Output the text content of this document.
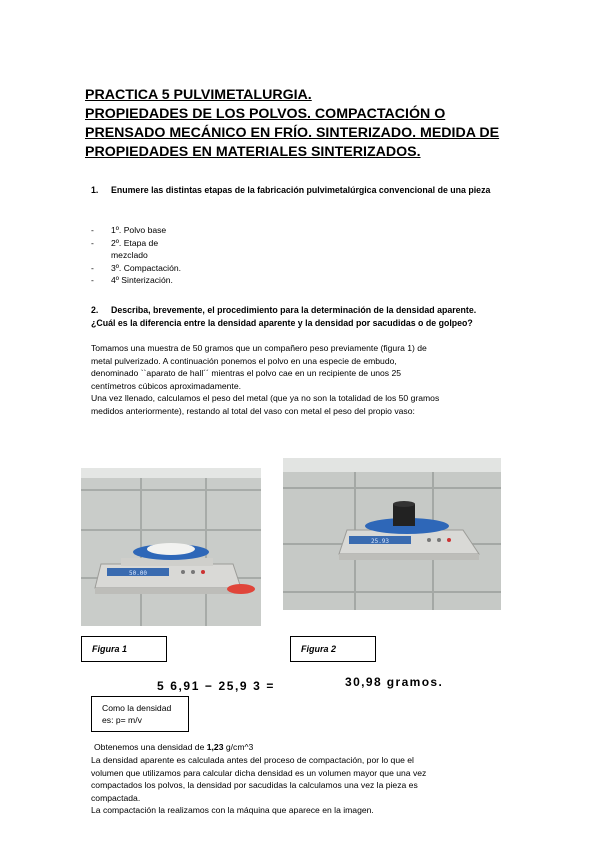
PRACTICA 5 PULVIMETALURGIA.
PROPIEDADES DE LOS POLVOS. COMPACTACIÓN O
PRENSADO MECÁNICO EN FRÍO. SINTERIZADO. MEDIDA DE
PROPIEDADES EN MATERIALES SINTERIZADOS.
1. Enumere las distintas etapas de la fabricación pulvimetalúrgica convencional de una pieza
- 1º. Polvo base
- 2º. Etapa de mezclado
- 3º. Compactación.
- 4º Sinterización.
2. Describa, brevemente, el procedimiento para la determinación de la densidad aparente.
¿Cuál es la diferencia entre la densidad aparente y la densidad por sacudidas o de golpeo?
Tomamos una muestra de 50 gramos que un compañero peso previamente (figura 1) de
metal pulverizado. A continuación ponemos el polvo en una especie de embudo,
denominado ``aparato de hall´´ mientras el polvo cae en un recipiente de unos 25
centímetros cúbicos aproximadamente.
Una vez llenado, calculamos el peso del metal (que ya no son la totalidad de los 50 gramos
medidos anteriormente), restando al total del vaso con metal el peso del propio vaso:
50.00
25.93
Figura 1	Figura 2
5 6,91 − 25,9 3 =	30,98 gramos.
Como la densidad
es: p= m/v
Obtenemos una densidad de 1,23 g/cm^3
La densidad aparente es calculada antes del proceso de compactación, por lo que el
volumen que utilizamos para calcular dicha densidad es un volumen mayor que una vez
compactados los polvos, la densidad por sacudidas la calculamos una vez la pieza es
compactada.
La compactación la realizamos con la máquina que aparece en la imagen.
